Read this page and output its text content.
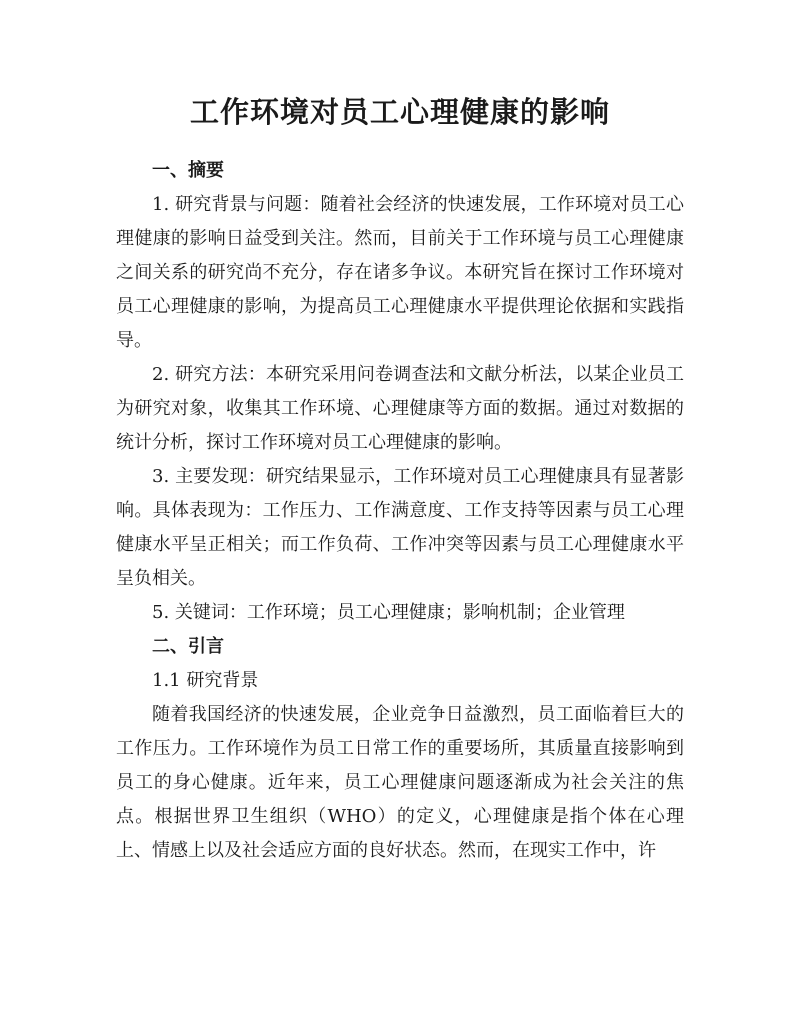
工作环境对员工心理健康的影响

一、摘要

1. 研究背景与问题：随着社会经济的快速发展，工作环境对员工心理健康的影响日益受到关注。然而，目前关于工作环境与员工心理健康之间关系的研究尚不充分，存在诸多争议。本研究旨在探讨工作环境对员工心理健康的影响，为提高员工心理健康水平提供理论依据和实践指导。

2. 研究方法：本研究采用问卷调查法和文献分析法，以某企业员工为研究对象，收集其工作环境、心理健康等方面的数据。通过对数据的统计分析，探讨工作环境对员工心理健康的影响。

3. 主要发现：研究结果显示，工作环境对员工心理健康具有显著影响。具体表现为：工作压力、工作满意度、工作支持等因素与员工心理健康水平呈正相关；而工作负荷、工作冲突等因素与员工心理健康水平呈负相关。

5. 关键词：工作环境；员工心理健康；影响机制；企业管理

二、引言

1.1 研究背景

随着我国经济的快速发展，企业竞争日益激烈，员工面临着巨大的工作压力。工作环境作为员工日常工作的重要场所，其质量直接影响到员工的身心健康。近年来，员工心理健康问题逐渐成为社会关注的焦点。根据世界卫生组织（WHO）的定义，心理健康是指个体在心理上、情感上以及社会适应方面的良好状态。然而，在现实工作中，许
